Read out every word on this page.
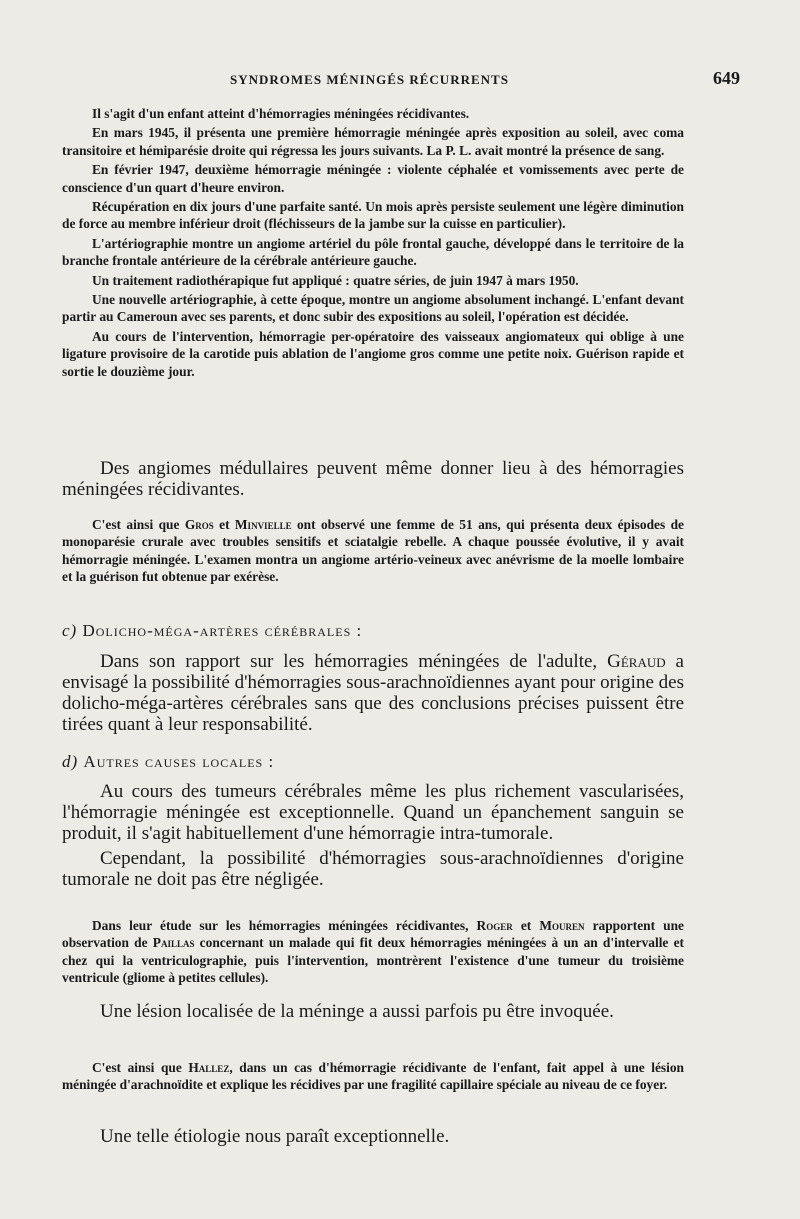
SYNDROMES MÉNINGÉS RÉCURRENTS	649

Il s'agit d'un enfant atteint d'hémorragies méningées récidivantes.

En mars 1945, il présenta une première hémorragie méningée après exposition au soleil, avec coma transitoire et hémiparésie droite qui régressa les jours suivants. La P. L. avait montré la présence de sang.

En février 1947, deuxième hémorragie méningée : violente céphalée et vomissements avec perte de conscience d'un quart d'heure environ.

Récupération en dix jours d'une parfaite santé. Un mois après persiste seulement une légère diminution de force au membre inférieur droit (fléchisseurs de la jambe sur la cuisse en particulier).

L'artériographie montre un angiome artériel du pôle frontal gauche, développé dans le territoire de la branche frontale antérieure de la cérébrale antérieure gauche.

Un traitement radiothérapique fut appliqué : quatre séries, de juin 1947 à mars 1950.

Une nouvelle artériographie, à cette époque, montre un angiome absolument inchangé. L'enfant devant partir au Cameroun avec ses parents, et donc subir des expositions au soleil, l'opération est décidée.

Au cours de l'intervention, hémorragie per-opératoire des vaisseaux angiomateux qui oblige à une ligature provisoire de la carotide puis ablation de l'angiome gros comme une petite noix. Guérison rapide et sortie le douzième jour.

Des angiomes médullaires peuvent même donner lieu à des hémorragies méningées récidivantes.

C'est ainsi que Gros et Minvielle ont observé une femme de 51 ans, qui présenta deux épisodes de monoparésie crurale avec troubles sensitifs et sciatalgie rebelle. A chaque poussée évolutive, il y avait hémorragie méningée. L'examen montra un angiome artério-veineux avec anévrisme de la moelle lombaire et la guérison fut obtenue par exérèse.

c) Dolicho-méga-artères cérébrales :

Dans son rapport sur les hémorragies méningées de l'adulte, Géraud a envisagé la possibilité d'hémorragies sous-arachnoïdiennes ayant pour origine des dolicho-méga-artères cérébrales sans que des conclusions précises puissent être tirées quant à leur responsabilité.

d) Autres causes locales :

Au cours des tumeurs cérébrales même les plus richement vascularisées, l'hémorragie méningée est exceptionnelle. Quand un épanchement sanguin se produit, il s'agit habituellement d'une hémorragie intra-tumorale.

Cependant, la possibilité d'hémorragies sous-arachnoïdiennes d'origine tumorale ne doit pas être négligée.

Dans leur étude sur les hémorragies méningées récidivantes, Roger et Mouren rapportent une observation de Paillas concernant un malade qui fit deux hémorragies méningées à un an d'intervalle et chez qui la ventriculographie, puis l'intervention, montrèrent l'existence d'une tumeur du troisième ventricule (gliome à petites cellules).

Une lésion localisée de la méninge a aussi parfois pu être invoquée.

C'est ainsi que Hallez, dans un cas d'hémorragie récidivante de l'enfant, fait appel à une lésion méningée d'arachnoïdite et explique les récidives par une fragilité capillaire spéciale au niveau de ce foyer.

Une telle étiologie nous paraît exceptionnelle.
